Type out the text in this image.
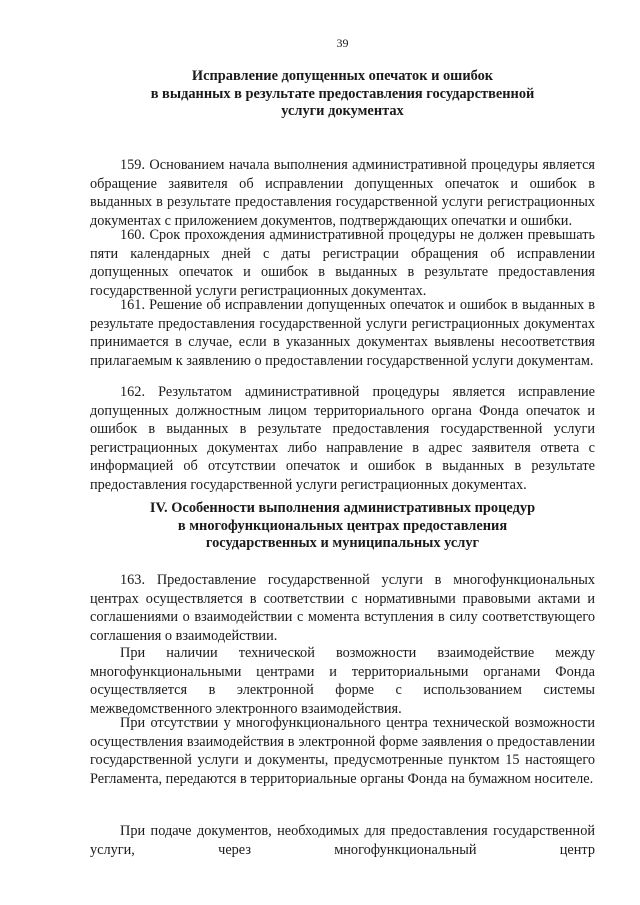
39
Исправление допущенных опечаток и ошибок
в выданных в результате предоставления государственной
услуги документах

159. Основанием начала выполнения административной процедуры является обращение заявителя об исправлении допущенных опечаток и ошибок в выданных в результате предоставления государственной услуги регистрационных документах с приложением документов, подтверждающих опечатки и ошибки.

160. Срок прохождения административной процедуры не должен превышать пяти календарных дней с даты регистрации обращения об исправлении допущенных опечаток и ошибок в выданных в результате предоставления государственной услуги регистрационных документах.

161. Решение об исправлении допущенных опечаток и ошибок в выданных в результате предоставления государственной услуги регистрационных документах принимается в случае, если в указанных документах выявлены несоответствия прилагаемым к заявлению о предоставлении государственной услуги документам.

162. Результатом административной процедуры является исправление допущенных должностным лицом территориального органа Фонда опечаток и ошибок в выданных в результате предоставления государственной услуги регистрационных документах либо направление в адрес заявителя ответа с информацией об отсутствии опечаток и ошибок в выданных в результате предоставления государственной услуги регистрационных документах.

IV. Особенности выполнения административных процедур
в многофункциональных центрах предоставления
государственных и муниципальных услуг

163. Предоставление государственной услуги в многофункциональных центрах осуществляется в соответствии с нормативными правовыми актами и соглашениями о взаимодействии с момента вступления в силу соответствующего соглашения о взаимодействии.

При наличии технической возможности взаимодействие между многофункциональными центрами и территориальными органами Фонда осуществляется в электронной форме с использованием системы межведомственного электронного взаимодействия.

При отсутствии у многофункционального центра технической возможности осуществления взаимодействия в электронной форме заявления о предоставлении государственной услуги и документы, предусмотренные пунктом 15 настоящего Регламента, передаются в территориальные органы Фонда на бумажном носителе.

При подаче документов, необходимых для предоставления государственной услуги, через многофункциональный центр
